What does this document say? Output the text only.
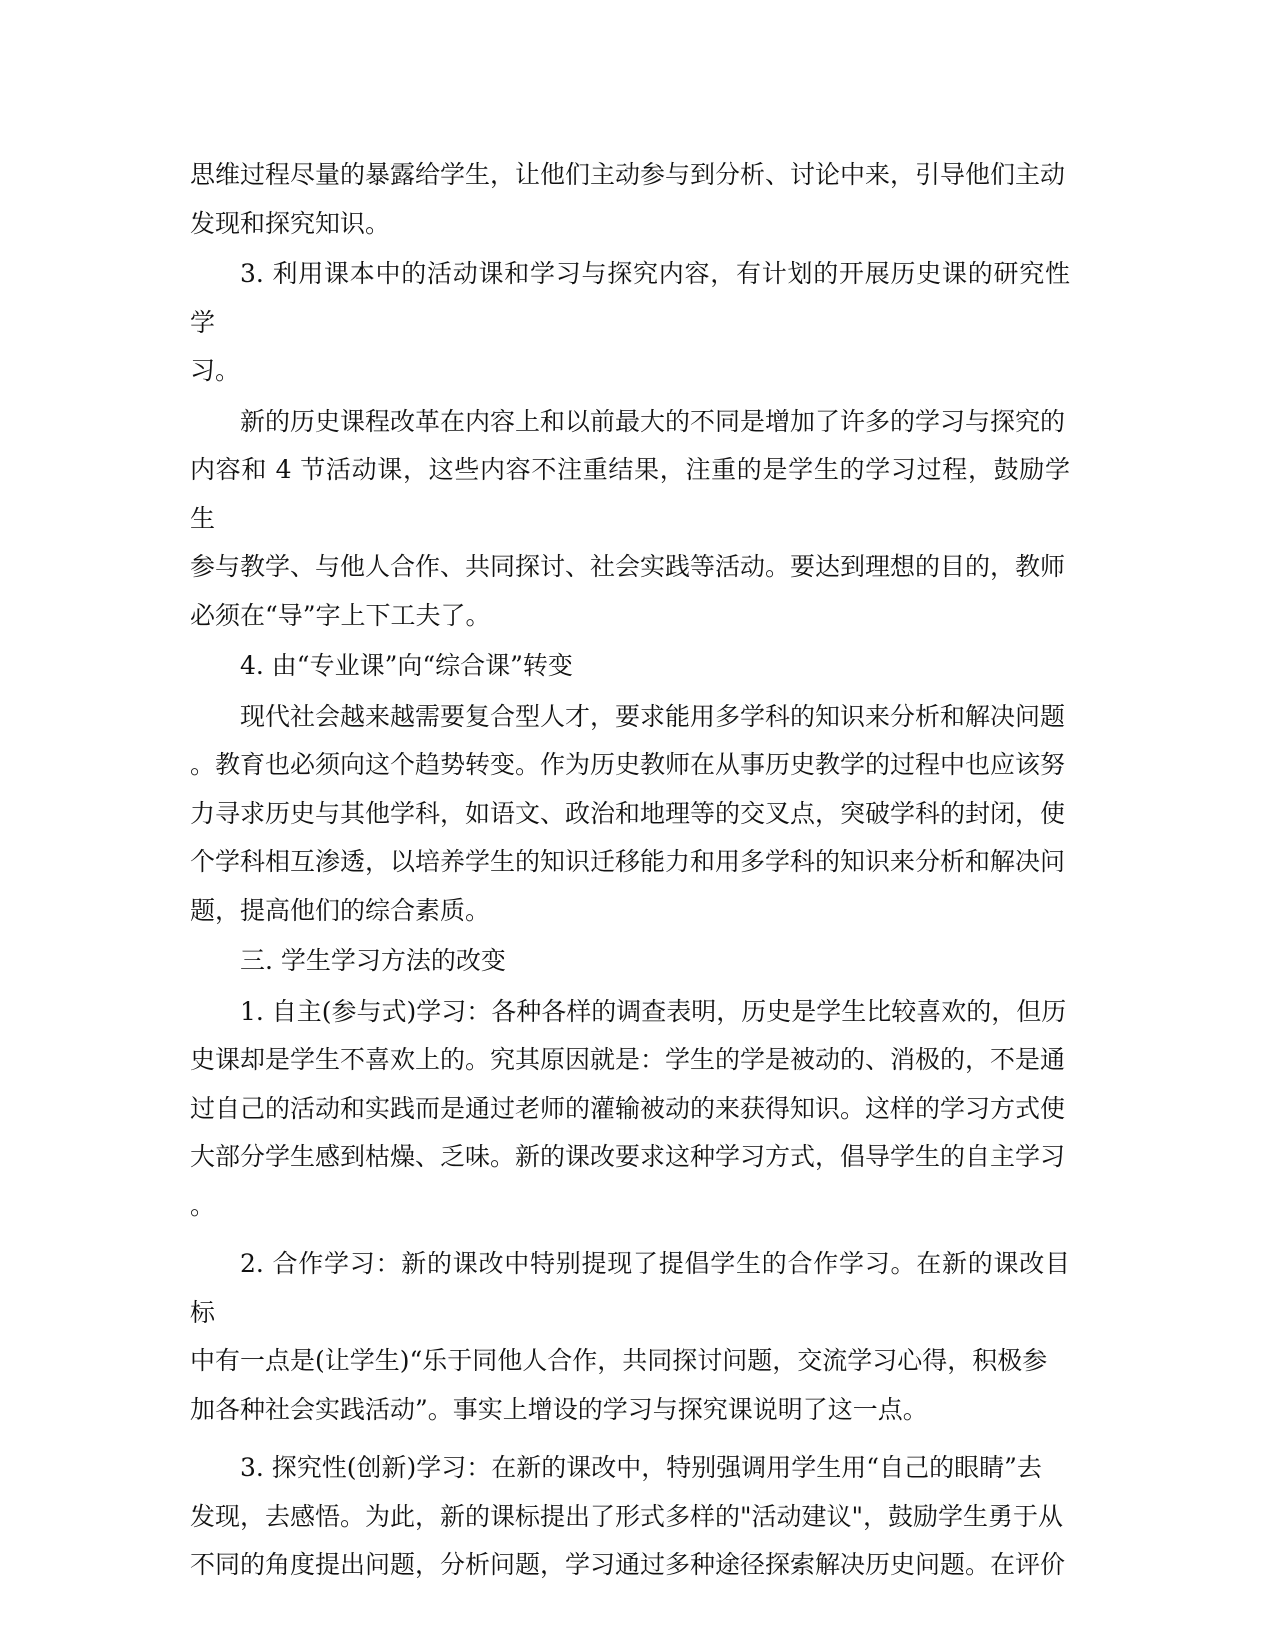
思维过程尽量的暴露给学生，让他们主动参与到分析、讨论中来，引导他们主动
发现和探究知识。

3. 利用课本中的活动课和学习与探究内容，有计划的开展历史课的研究性学
习。

新的历史课程改革在内容上和以前最大的不同是增加了许多的学习与探究的
内容和 4 节活动课，这些内容不注重结果，注重的是学生的学习过程，鼓励学生
参与教学、与他人合作、共同探讨、社会实践等活动。要达到理想的目的，教师
必须在“导”字上下工夫了。

4. 由“专业课”向“综合课”转变

现代社会越来越需要复合型人才，要求能用多学科的知识来分析和解决问题
。教育也必须向这个趋势转变。作为历史教师在从事历史教学的过程中也应该努
力寻求历史与其他学科，如语文、政治和地理等的交叉点，突破学科的封闭，使
个学科相互渗透，以培养学生的知识迁移能力和用多学科的知识来分析和解决问
题，提高他们的综合素质。

三. 学生学习方法的改变

1. 自主(参与式)学习：各种各样的调查表明，历史是学生比较喜欢的，但历
史课却是学生不喜欢上的。究其原因就是：学生的学是被动的、消极的，不是通
过自己的活动和实践而是通过老师的灌输被动的来获得知识。这样的学习方式使
大部分学生感到枯燥、乏味。新的课改要求这种学习方式，倡导学生的自主学习
。

2. 合作学习：新的课改中特别提现了提倡学生的合作学习。在新的课改目标
中有一点是(让学生)“乐于同他人合作，共同探讨问题，交流学习心得，积极参
加各种社会实践活动”。事实上增设的学习与探究课说明了这一点。

3. 探究性(创新)学习：在新的课改中，特别强调用学生用“自己的眼睛”去
发现，去感悟。为此，新的课标提出了形式多样的"活动建议"，鼓励学生勇于从
不同的角度提出问题，分析问题，学习通过多种途径探索解决历史问题。在评价
